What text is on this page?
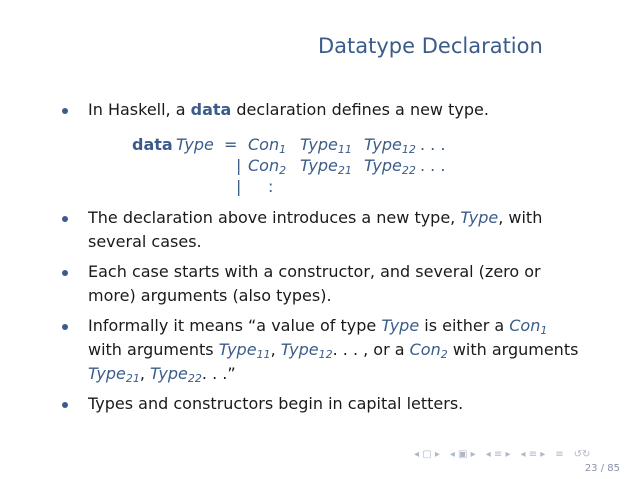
Datatype Declaration
In Haskell, a data declaration defines a new type.
data Type = Con$_1$ Type$_{11}$ Type$_{12}$ . . .
| Con$_2$ Type$_{21}$ Type$_{22}$ . . .
| :
The declaration above introduces a new type, Type, with
several cases.
Each case starts with a constructor, and several (zero or
more) arguments (also types).
Informally it means “a value of type Type is either a Con$_1$
with arguments Type$_{11}$, Type$_{12}$. . . , or a Con$_2$ with arguments
Type$_{21}$, Type$_{22}$. . .”
Types and constructors begin in capital letters.
◂ ▢ ▸ ◂ ▣ ▸ ◂ ≡ ▸ ◂ ≡ ▸ ≡ ↺↻
23 / 85
